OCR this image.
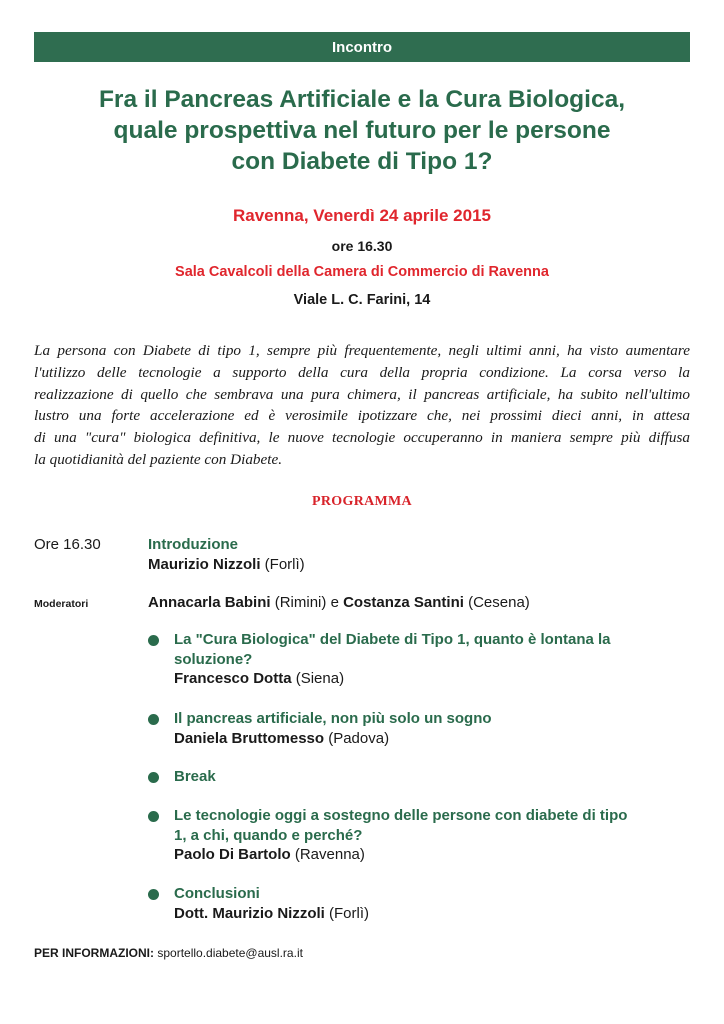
Incontro
Fra il Pancreas Artificiale e la Cura Biologica,
quale prospettiva nel futuro per le persone
con Diabete di Tipo 1?
Ravenna, Venerdì 24 aprile 2015
ore 16.30
Sala Cavalcoli della Camera di Commercio di Ravenna
Viale L. C. Farini, 14
La persona con Diabete di tipo 1, sempre più frequentemente, negli ultimi anni, ha visto aumentare
l'utilizzo delle tecnologie a supporto della cura della propria condizione. La corsa verso la
realizzazione di quello che sembrava una pura chimera, il pancreas artificiale, ha subito nell'ultimo
lustro una forte accelerazione ed è verosimile ipotizzare che, nei prossimi dieci anni, in attesa
di una "cura" biologica definitiva, le nuove tecnologie occuperanno in maniera sempre più diffusa
la quotidianità del paziente con Diabete.
PROGRAMMA
Ore 16.30	Introduzione
Maurizio Nizzoli (Forlì)
Moderatori	Annacarla Babini (Rimini) e Costanza Santini (Cesena)
La "Cura Biologica" del Diabete di Tipo 1, quanto è lontana la
soluzione?
Francesco Dotta (Siena)
Il pancreas artificiale, non più solo un sogno
Daniela Bruttomesso (Padova)
Break
Le tecnologie oggi a sostegno delle persone con diabete di tipo
1, a chi, quando e perché?
Paolo Di Bartolo (Ravenna)
Conclusioni
Dott. Maurizio Nizzoli (Forlì)
PER INFORMAZIONI: sportello.diabete@ausl.ra.it
